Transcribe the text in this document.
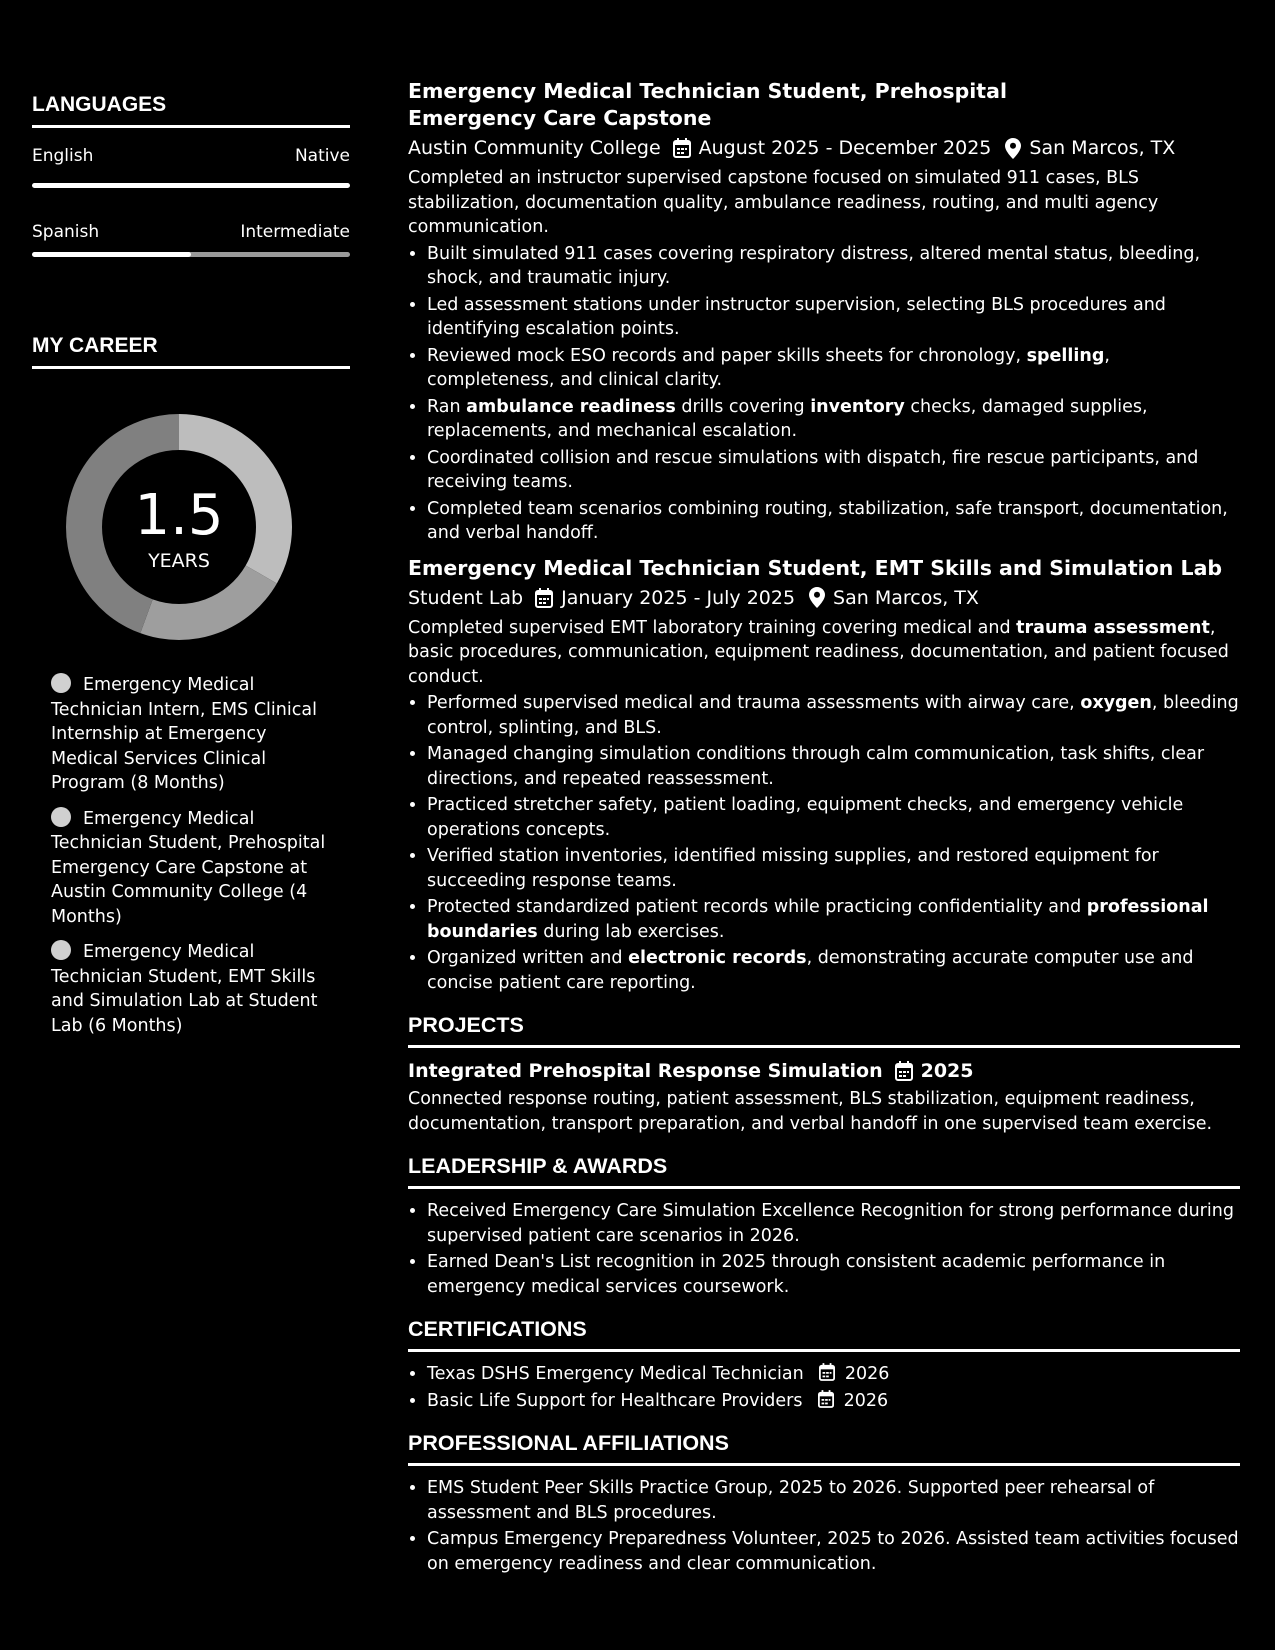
LANGUAGES
English	Native
Spanish	Intermediate
MY CAREER
1.5
YEARS
Emergency Medical Technician Intern, EMS Clinical Internship at Emergency Medical Services Clinical Program (8 Months)
Emergency Medical Technician Student, Prehospital Emergency Care Capstone at Austin Community College (4 Months)
Emergency Medical Technician Student, EMT Skills and Simulation Lab at Student Lab (6 Months)
Emergency Medical Technician Student, Prehospital Emergency Care Capstone
Austin Community College August 2025 - December 2025 San Marcos, TX
Completed an instructor supervised capstone focused on simulated 911 cases, BLS stabilization, documentation quality, ambulance readiness, routing, and multi agency communication.
• Built simulated 911 cases covering respiratory distress, altered mental status, bleeding, shock, and traumatic injury.
• Led assessment stations under instructor supervision, selecting BLS procedures and identifying escalation points.
• Reviewed mock ESO records and paper skills sheets for chronology, spelling, completeness, and clinical clarity.
• Ran ambulance readiness drills covering inventory checks, damaged supplies, replacements, and mechanical escalation.
• Coordinated collision and rescue simulations with dispatch, fire rescue participants, and receiving teams.
• Completed team scenarios combining routing, stabilization, safe transport, documentation, and verbal handoff.
Emergency Medical Technician Student, EMT Skills and Simulation Lab
Student Lab January 2025 - July 2025 San Marcos, TX
Completed supervised EMT laboratory training covering medical and trauma assessment, basic procedures, communication, equipment readiness, documentation, and patient focused conduct.
• Performed supervised medical and trauma assessments with airway care, oxygen, bleeding control, splinting, and BLS.
• Managed changing simulation conditions through calm communication, task shifts, clear directions, and repeated reassessment.
• Practiced stretcher safety, patient loading, equipment checks, and emergency vehicle operations concepts.
• Verified station inventories, identified missing supplies, and restored equipment for succeeding response teams.
• Protected standardized patient records while practicing confidentiality and professional boundaries during lab exercises.
• Organized written and electronic records, demonstrating accurate computer use and concise patient care reporting.
PROJECTS
Integrated Prehospital Response Simulation 2025
Connected response routing, patient assessment, BLS stabilization, equipment readiness, documentation, transport preparation, and verbal handoff in one supervised team exercise.
LEADERSHIP & AWARDS
• Received Emergency Care Simulation Excellence Recognition for strong performance during supervised patient care scenarios in 2026.
• Earned Dean's List recognition in 2025 through consistent academic performance in emergency medical services coursework.
CERTIFICATIONS
• Texas DSHS Emergency Medical Technician 2026
• Basic Life Support for Healthcare Providers 2026
PROFESSIONAL AFFILIATIONS
• EMS Student Peer Skills Practice Group, 2025 to 2026. Supported peer rehearsal of assessment and BLS procedures.
• Campus Emergency Preparedness Volunteer, 2025 to 2026. Assisted team activities focused on emergency readiness and clear communication.
